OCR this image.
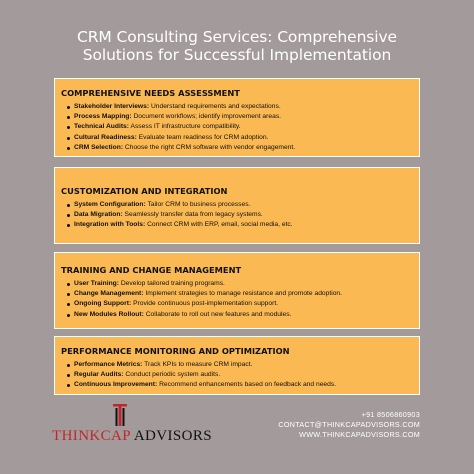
CRM Consulting Services: Comprehensive
Solutions for Successful Implementation
COMPREHENSIVE NEEDS ASSESSMENT
Stakeholder Interviews: Understand requirements and expectations.
Process Mapping: Document workflows; identify improvement areas.
Technical Audits: Assess IT infrastructure compatibility.
Cultural Readiness: Evaluate team readiness for CRM adoption.
CRM Selection: Choose the right CRM software with vendor engagement.
CUSTOMIZATION AND INTEGRATION
System Configuration: Tailor CRM to business processes.
Data Migration: Seamlessly transfer data from legacy systems.
Integration with Tools: Connect CRM with ERP, email, social media, etc.
TRAINING AND CHANGE MANAGEMENT
User Training: Develop tailored training programs.
Change Management: Implement strategies to manage resistance and promote adoption.
Ongoing Support: Provide continuous post-implementation support.
New Modules Rollout: Collaborate to roll out new features and modules.
PERFORMANCE MONITORING AND OPTIMIZATION
Performance Metrics: Track KPIs to measure CRM impact.
Regular Audits: Conduct periodic system audits.
Continuous Improvement: Recommend enhancements based on feedback and needs.
THINKCAP ADVISORS
+91 8506860903
CONTACT@THINKCAPADVISORS.COM
WWW.THINKCAPADVISORS.COM
